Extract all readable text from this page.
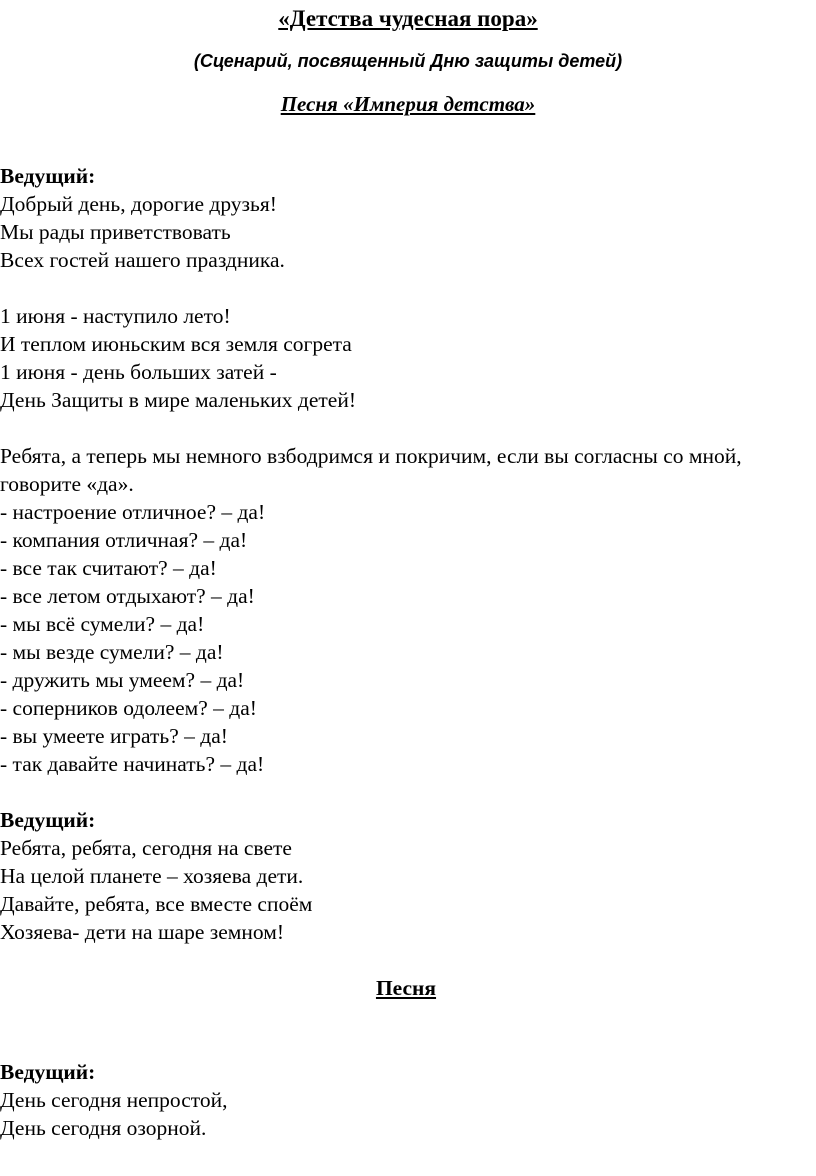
«Детства чудесная пора»
(Сценарий, посвященный Дню защиты детей)
Песня «Империя детства»
Ведущий:
Добрый день, дорогие друзья!
Мы рады приветствовать
Всех гостей нашего праздника.
1 июня - наступило лето!
И теплом июньским вся земля согрета
1 июня - день больших затей -
День Защиты в мире маленьких детей!
Ребята, а теперь мы немного взбодримся и покричим, если вы согласны со мной, говорите «да».
- настроение отличное? – да!
- компания отличная? – да!
- все так считают? – да!
- все летом отдыхают? – да!
- мы всё сумели? – да!
- мы везде сумели? – да!
- дружить мы умеем? – да!
- соперников одолеем? – да!
- вы умеете играть? – да!
- так давайте начинать? – да!
Ведущий:
Ребята, ребята, сегодня на свете
На целой планете – хозяева дети.
Давайте, ребята, все вместе споём
Хозяева- дети на шаре земном!
Песня
Ведущий:
День сегодня непростой,
День сегодня озорной.
